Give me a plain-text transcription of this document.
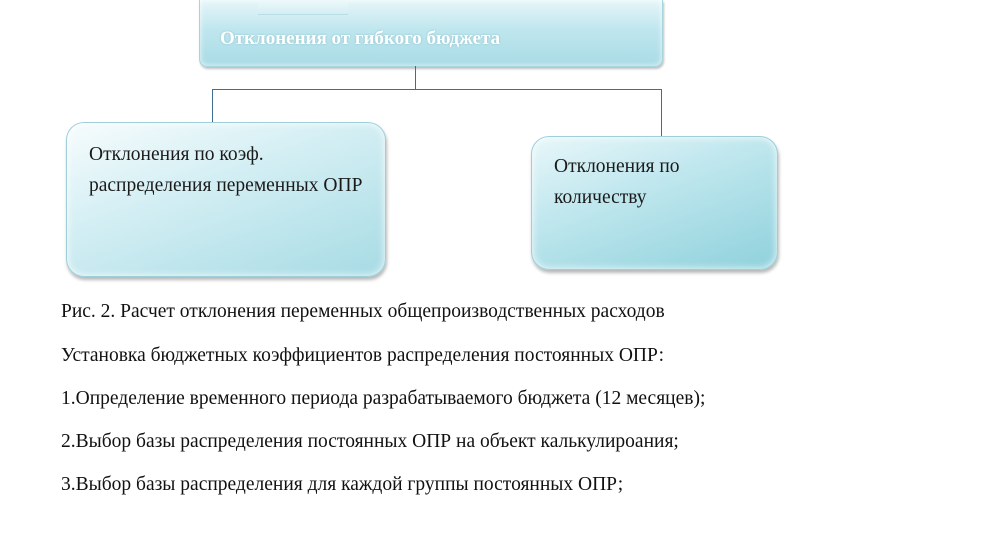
Отклонения от гибкого бюджета
Отклонения по коэф. распределения переменных ОПР
Отклонения по количеству
Рис. 2. Расчет отклонения переменных общепроизводственных расходов
Установка бюджетных коэффициентов распределения постоянных ОПР:
1.Определение временного периода разрабатываемого бюджета (12 месяцев);
2.Выбор базы распределения постоянных ОПР на объект калькулироания;
3.Выбор базы распределения для каждой группы постоянных ОПР;
